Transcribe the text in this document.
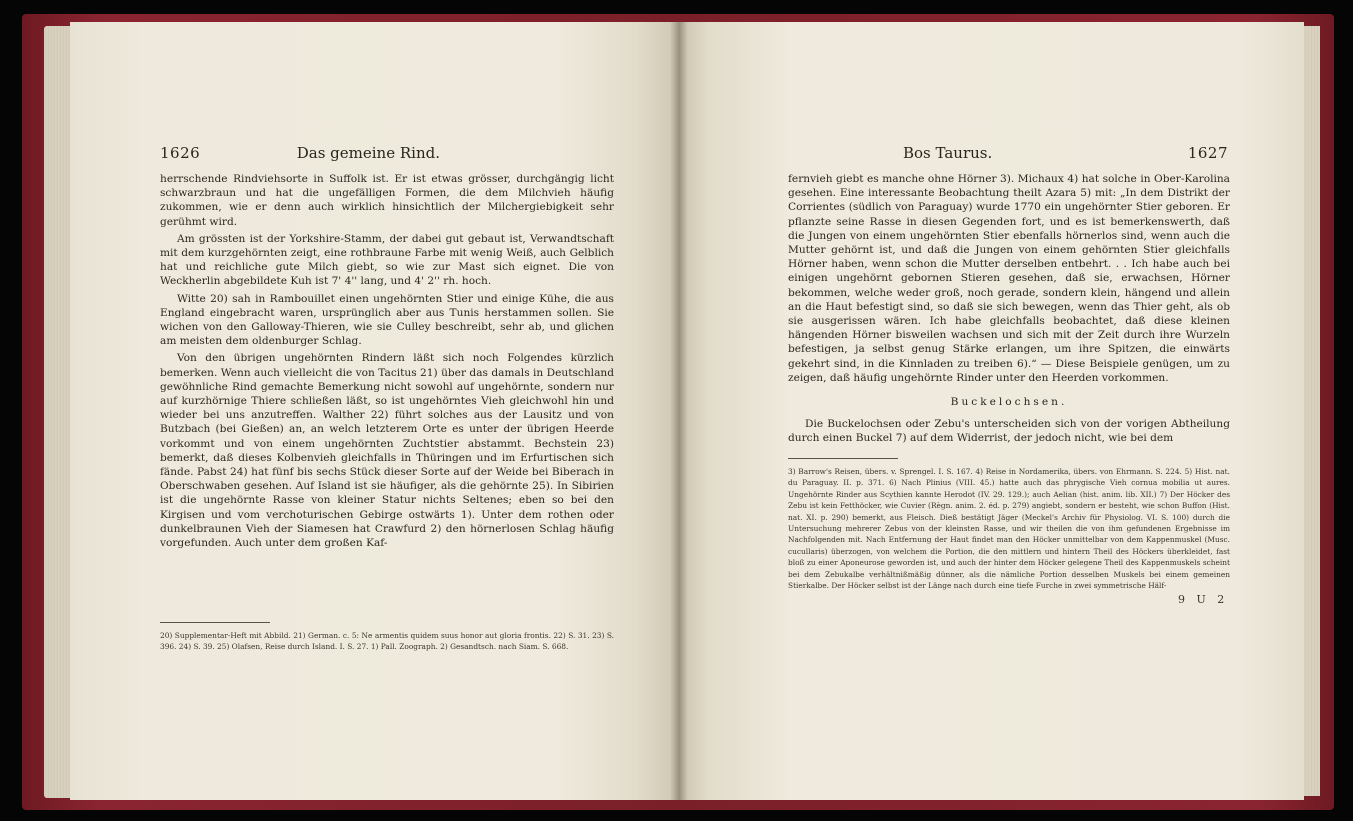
1626	Das gemeine Rind.

herrschende Rindviehsorte in Suffolk ist. Er ist etwas grösser, durchgängig licht schwarzbraun und hat die ungefälligen Formen, die dem Milchvieh häufig zukommen, wie er denn auch wirklich hinsichtlich der Milchergiebigkeit sehr gerühmt wird.

Am grössten ist der Yorkshire-Stamm, der dabei gut gebaut ist, Verwandtschaft mit dem kurzgehörnten zeigt, eine rothbraune Farbe mit wenig Weiß, auch Gelblich hat und reichliche gute Milch giebt, so wie zur Mast sich eignet. Die von Weckherlin abgebildete Kuh ist 7' 4'' lang, und 4' 2'' rh. hoch.

Witte 20) sah in Rambouillet einen ungehörnten Stier und einige Kühe, die aus England eingebracht waren, ursprünglich aber aus Tunis herstammen sollen. Sie wichen von den Galloway-Thieren, wie sie Culley beschreibt, sehr ab, und glichen am meisten dem oldenburger Schlag.

Von den übrigen ungehörnten Rindern läßt sich noch Folgendes kürzlich bemerken. Wenn auch vielleicht die von Tacitus 21) über das damals in Deutschland gewöhnliche Rind gemachte Bemerkung nicht sowohl auf ungehörnte, sondern nur auf kurzhörnige Thiere schließen läßt, so ist ungehörntes Vieh gleichwohl hin und wieder bei uns anzutreffen. Walther 22) führt solches aus der Lausitz und von Butzbach (bei Gießen) an, an welch letzterem Orte es unter der übrigen Heerde vorkommt und von einem ungehörnten Zuchtstier abstammt. Bechstein 23) bemerkt, daß dieses Kolbenvieh gleichfalls in Thüringen und im Erfurtischen sich fände. Pabst 24) hat fünf bis sechs Stück dieser Sorte auf der Weide bei Biberach in Oberschwaben gesehen. Auf Island ist sie häufiger, als die gehörnte 25). In Sibirien ist die ungehörnte Rasse von kleiner Statur nichts Seltenes; eben so bei den Kirgisen und vom verchoturischen Gebirge ostwärts 1). Unter dem rothen oder dunkelbraunen Vieh der Siamesen hat Crawfurd 2) den hörnerlosen Schlag häufig vorgefunden. Auch unter dem großen Kaf-

20) Supplementar-Heft mit Abbild. 21) German. c. 5: Ne armentis quidem suus honor aut gloria frontis. 22) S. 31. 23) S. 396. 24) S. 39. 25) Olafsen, Reise durch Island. I. S. 27. 1) Pall. Zoograph. 2) Gesandtsch. nach Siam. S. 668.
Bos Taurus.	1627

fernvieh giebt es manche ohne Hörner 3). Michaux 4) hat solche in Ober-Karolina gesehen. Eine interessante Beobachtung theilt Azara 5) mit: „In dem Distrikt der Corrientes (südlich von Paraguay) wurde 1770 ein ungehörnter Stier geboren. Er pflanzte seine Rasse in diesen Gegenden fort, und es ist bemerkenswerth, daß die Jungen von einem ungehörnten Stier ebenfalls hörnerlos sind, wenn auch die Mutter gehörnt ist, und daß die Jungen von einem gehörnten Stier gleichfalls Hörner haben, wenn schon die Mutter derselben entbehrt. . . Ich habe auch bei einigen ungehörnt gebornen Stieren gesehen, daß sie, erwachsen, Hörner bekommen, welche weder groß, noch gerade, sondern klein, hängend und allein an die Haut befestigt sind, so daß sie sich bewegen, wenn das Thier geht, als ob sie ausgerissen wären. Ich habe gleichfalls beobachtet, daß diese kleinen hängenden Hörner bisweilen wachsen und sich mit der Zeit durch ihre Wurzeln befestigen, ja selbst genug Stärke erlangen, um ihre Spitzen, die einwärts gekehrt sind, in die Kinnladen zu treiben 6).“ — Diese Beispiele genügen, um zu zeigen, daß häufig ungehörnte Rinder unter den Heerden vorkommen.

Buckelochsen.

Die Buckelochsen oder Zebu's unterscheiden sich von der vorigen Abtheilung durch einen Buckel 7) auf dem Widerrist, der jedoch nicht, wie bei dem

3) Barrow's Reisen, übers. v. Sprengel. I. S. 167. 4) Reise in Nordamerika, übers. von Ehrmann. S. 224. 5) Hist. nat. du Paraguay. II. p. 371. 6) Nach Plinius (VIII. 45.) hatte auch das phrygische Vieh cornua mobilia ut aures. Ungehörnte Rinder aus Scythien kannte Herodot (IV. 29. 129.); auch Aelian (hist. anim. lib. XII.) 7) Der Höcker des Zebu ist kein Fetthöcker, wie Cuvier (Règn. anim. 2. éd. p. 279) angiebt, sondern er besteht, wie schon Buffon (Hist. nat. XI. p. 290) bemerkt, aus Fleisch. Dieß bestätigt Jäger (Meckel's Archiv für Physiolog. VI. S. 100) durch die Untersuchung mehrerer Zebus von der kleinsten Rasse, und wir theilen die von ihm gefundenen Ergebnisse im Nachfolgenden mit. Nach Entfernung der Haut findet man den Höcker unmittelbar von dem Kappenmuskel (Musc. cucullaris) überzogen, von welchem die Portion, die den mittlern und hintern Theil des Höckers überkleidet, fast bloß zu einer Aponeurose geworden ist, und auch der hinter dem Höcker gelegene Theil des Kappenmuskels scheint bei dem Zebukalbe verhältnißmäßig dünner, als die nämliche Portion desselben Muskels bei einem gemeinen Stierkalbe. Der Höcker selbst ist der Länge nach durch eine tiefe Furche in zwei symmetrische Hälf-
9 U 2
